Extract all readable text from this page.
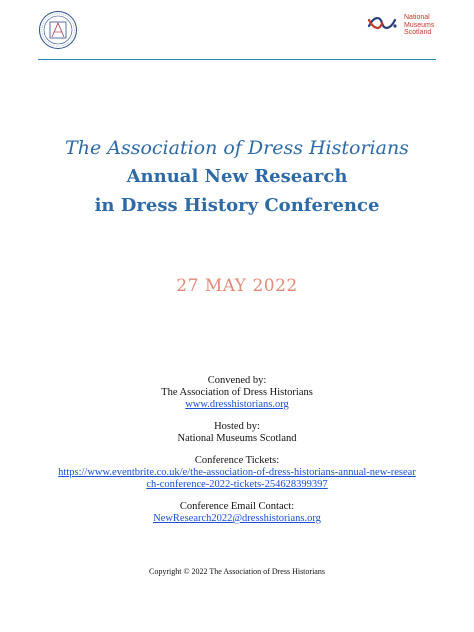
National
Museums
Scotland
The Association of Dress Historians
Annual New Research
in Dress History Conference
27 MAY 2022
Convened by:
The Association of Dress Historians
www.dresshistorians.org
Hosted by:
National Museums Scotland
Conference Tickets:
https://www.eventbrite.co.uk/e/the-association-of-dress-historians-annual-new-research-conference-2022-tickets-254628399397
Conference Email Contact:
NewResearch2022@dresshistorians.org
Copyright © 2022 The Association of Dress Historians
